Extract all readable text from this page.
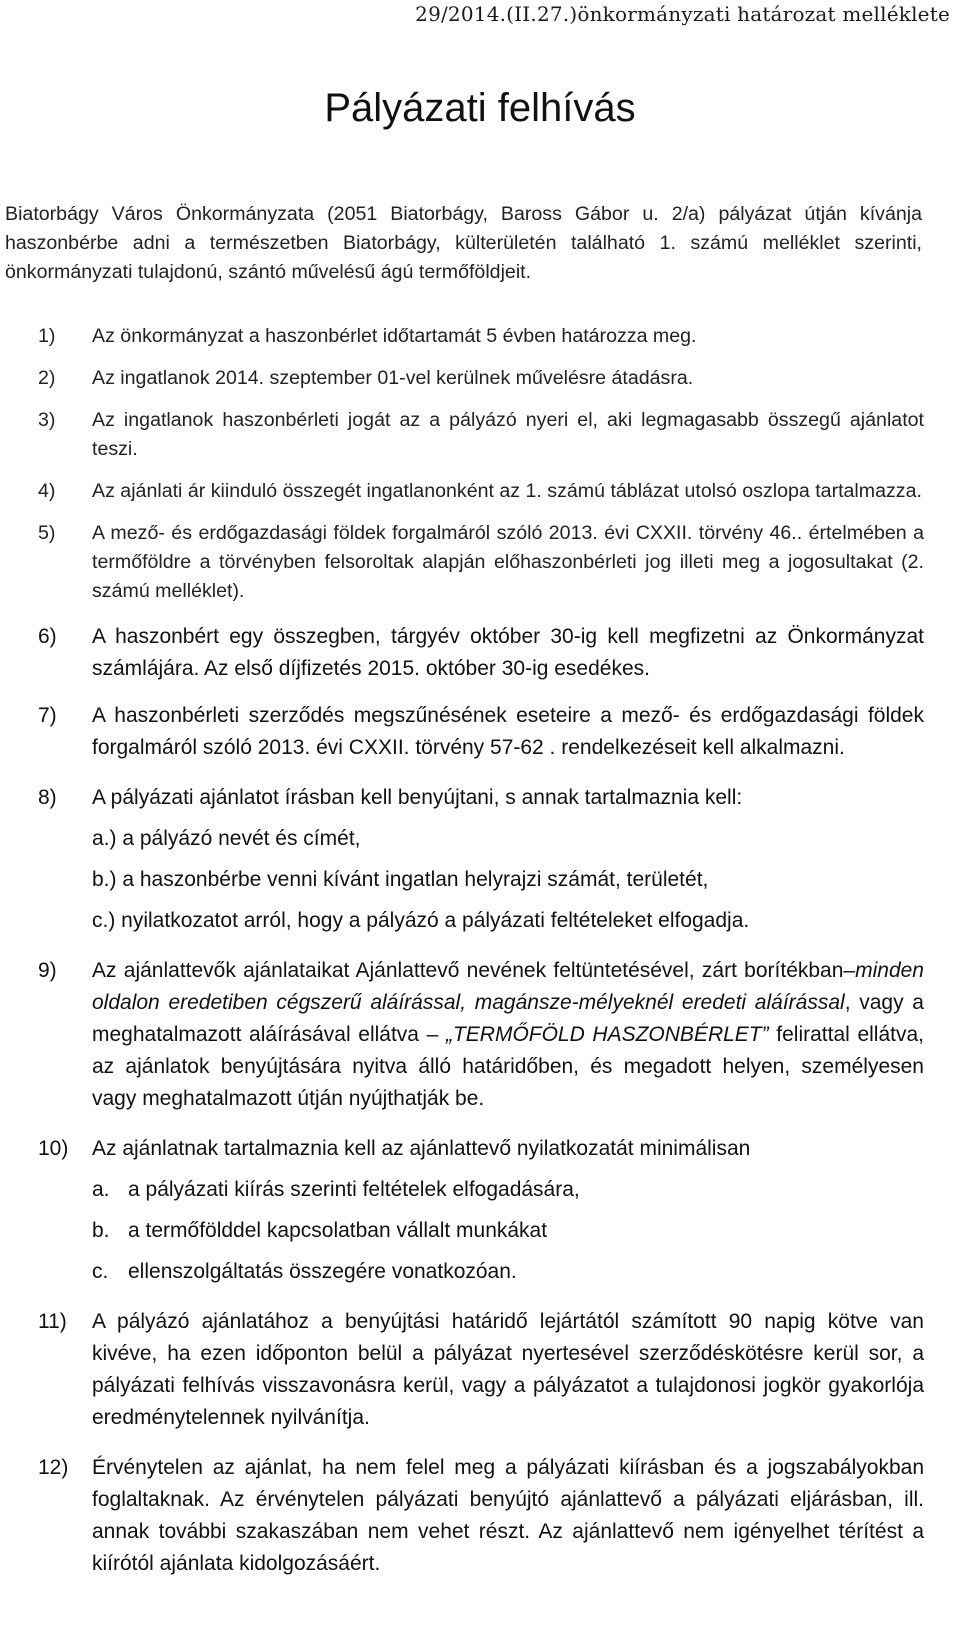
29/2014.(II.27.)önkormányzati határozat melléklete
Pályázati felhívás

Biatorbágy Város Önkormányzata (2051 Biatorbágy, Baross Gábor u. 2/a) pályázat útján kívánja haszonbérbe adni a természetben Biatorbágy, külterületén található 1. számú melléklet szerinti, önkormányzati tulajdonú, szántó művelésű ágú termőföldjeit.

1) Az önkormányzat a haszonbérlet időtartamát 5 évben határozza meg.

2) Az ingatlanok 2014. szeptember 01-vel kerülnek művelésre átadásra.

3) Az ingatlanok haszonbérleti jogát az a pályázó nyeri el, aki legmagasabb összegű ajánlatot teszi.

4) Az ajánlati ár kiinduló összegét ingatlanonként az 1. számú táblázat utolsó oszlopa tartalmazza.

5) A mező- és erdőgazdasági földek forgalmáról szóló 2013. évi CXXII. törvény 46.. értelmében a termőföldre a törvényben felsoroltak alapján előhaszonbérleti jog illeti meg a jogosultakat (2. számú melléklet).

6) A haszonbért egy összegben, tárgyév október 30-ig kell megfizetni az Önkormányzat számlájára. Az első díjfizetés 2015. október 30-ig esedékes.

7) A haszonbérleti szerződés megszűnésének eseteire a mező- és erdőgazdasági földek forgalmáról szóló 2013. évi CXXII. törvény 57-62 . rendelkezéseit kell alkalmazni.

8) A pályázati ajánlatot írásban kell benyújtani, s annak tartalmaznia kell:

a.) a pályázó nevét és címét,

b.) a haszonbérbe venni kívánt ingatlan helyrajzi számát, területét,

c.) nyilatkozatot arról, hogy a pályázó a pályázati feltételeket elfogadja.

9) Az ajánlattevők ajánlataikat Ajánlattevő nevének feltüntetésével, zárt borítékban–minden oldalon eredetiben cégszerű aláírással, magánsze-mélyeknél eredeti aláírással, vagy a meghatalmazott aláírásával ellátva – „TERMŐFÖLD HASZONBÉRLET” felirattal ellátva, az ajánlatok benyújtására nyitva álló határidőben, és megadott helyen, személyesen vagy meghatalmazott útján nyújthatják be.

10) Az ajánlatnak tartalmaznia kell az ajánlattevő nyilatkozatát minimálisan

a. a pályázati kiírás szerinti feltételek elfogadására,

b. a termőfölddel kapcsolatban vállalt munkákat

c. ellenszolgáltatás összegére vonatkozóan.

11) A pályázó ajánlatához a benyújtási határidő lejártától számított 90 napig kötve van kivéve, ha ezen időponton belül a pályázat nyertesével szerződéskötésre kerül sor, a pályázati felhívás visszavonásra kerül, vagy a pályázatot a tulajdonosi jogkör gyakorlója eredménytelennek nyilvánítja.

12) Érvénytelen az ajánlat, ha nem felel meg a pályázati kiírásban és a jogszabályokban foglaltaknak. Az érvénytelen pályázati benyújtó ajánlattevő a pályázati eljárásban, ill. annak további szakaszában nem vehet részt. Az ajánlattevő nem igényelhet térítést a kiírótól ajánlata kidolgozásáért.
